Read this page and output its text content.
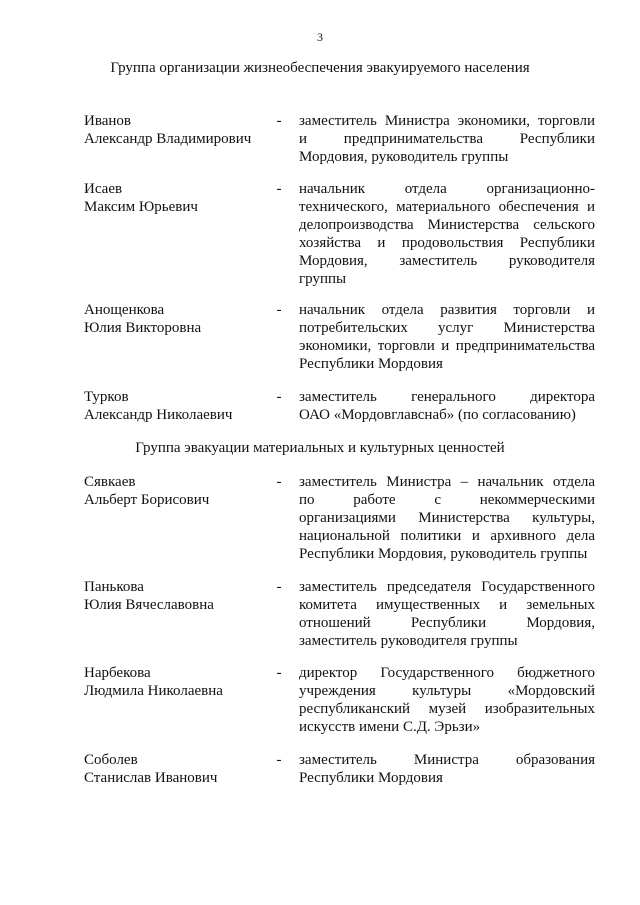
3
Группа организации жизнеобеспечения эвакуируемого населения
Иванов
Александр Владимирович
- заместитель Министра экономики, торговли
и предпринимательства Республики
Мордовия, руководитель группы
Исаев
Максим Юрьевич
- начальник отдела организационно-
технического, материального обеспечения и
делопроизводства Министерства сельского
хозяйства и продовольствия Республики
Мордовия, заместитель руководителя
группы
Анощенкова
Юлия Викторовна
- начальник отдела развития торговли и
потребительских услуг Министерства
экономики, торговли и предпринимательства
Республики Мордовия
Турков
Александр Николаевич
- заместитель генерального директора
ОАО «Мордовглавснаб» (по согласованию)
Группа эвакуации материальных и культурных ценностей
Сявкаев
Альберт Борисович
- заместитель Министра – начальник отдела
по работе с некоммерческими
организациями Министерства культуры,
национальной политики и архивного дела
Республики Мордовия, руководитель группы
Панькова
Юлия Вячеславовна
- заместитель председателя Государственного
комитета имущественных и земельных
отношений Республики Мордовия,
заместитель руководителя группы
Нарбекова
Людмила Николаевна
- директор Государственного бюджетного
учреждения культуры «Мордовский
республиканский музей изобразительных
искусств имени С.Д. Эрьзи»
Соболев
Станислав Иванович
- заместитель Министра образования
Республики Мордовия
